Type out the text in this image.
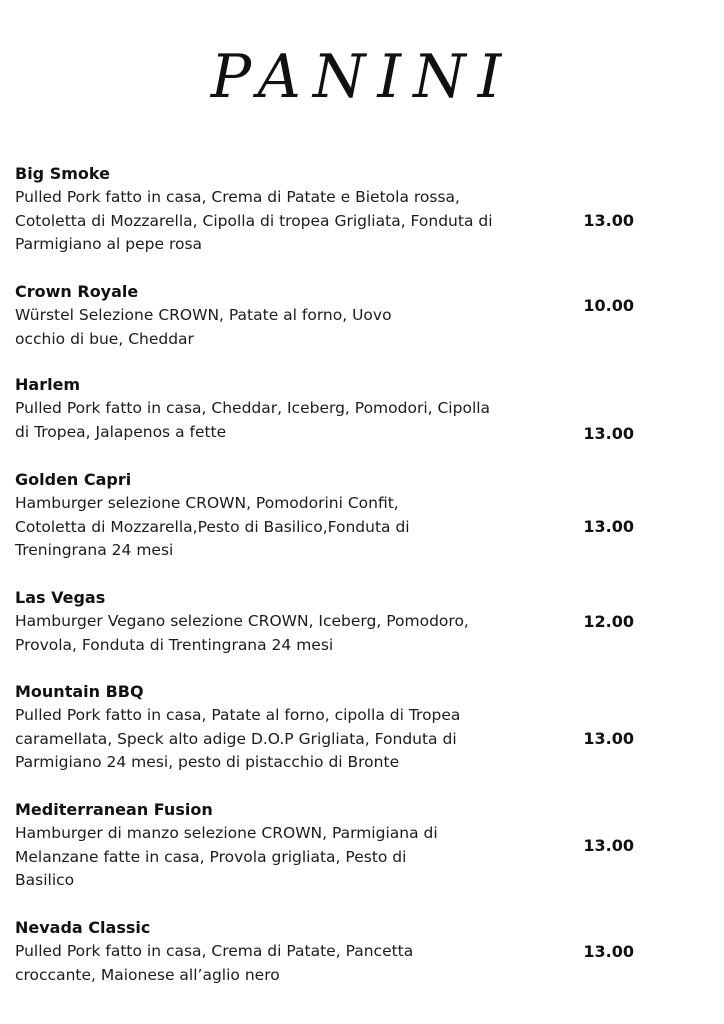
PANINI
Big Smoke
Pulled Pork fatto in casa, Crema di Patate e Bietola rossa,
Cotoletta di Mozzarella, Cipolla di tropea Grigliata, Fonduta di
Parmigiano al pepe rosa
13.00
Crown Royale
Würstel Selezione CROWN, Patate al forno, Uovo
occhio di bue, Cheddar
10.00
Harlem
Pulled Pork fatto in casa, Cheddar, Iceberg, Pomodori, Cipolla
di Tropea, Jalapenos a fette	13.00
Golden Capri
Hamburger selezione CROWN, Pomodorini Confit,
Cotoletta di Mozzarella,Pesto di Basilico,Fonduta di
Treningrana 24 mesi
13.00
Las Vegas
Hamburger Vegano selezione CROWN, Iceberg, Pomodoro,
Provola, Fonduta di Trentingrana 24 mesi
12.00
Mountain BBQ
Pulled Pork fatto in casa, Patate al forno, cipolla di Tropea
caramellata, Speck alto adige D.O.P Grigliata, Fonduta di
Parmigiano 24 mesi, pesto di pistacchio di Bronte
13.00
Mediterranean Fusion
Hamburger di manzo selezione CROWN, Parmigiana di
Melanzane fatte in casa, Provola grigliata, Pesto di
Basilico
13.00
Nevada Classic
Pulled Pork fatto in casa, Crema di Patate, Pancetta
croccante, Maionese all’aglio nero
13.00
